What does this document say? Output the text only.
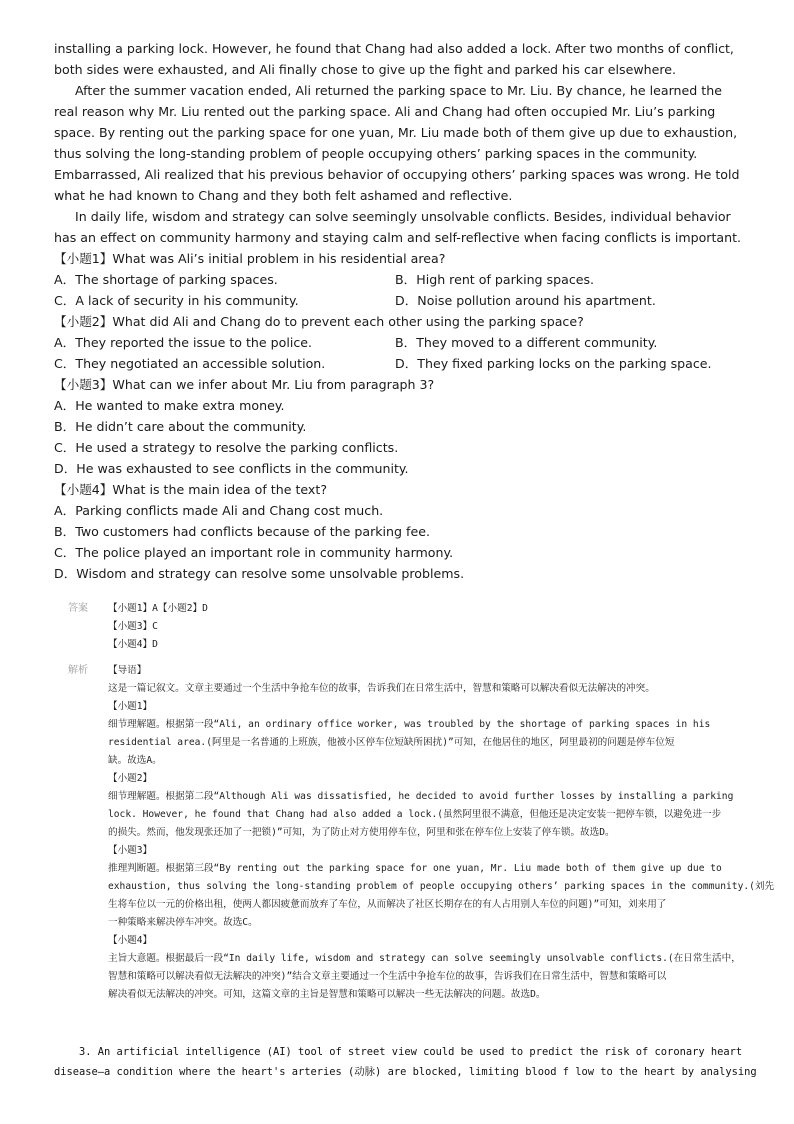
installing a parking lock. However, he found that Chang had also added a lock. After two months of conflict, both sides were exhausted, and Ali finally chose to give up the fight and parked his car elsewhere.

After the summer vacation ended, Ali returned the parking space to Mr. Liu. By chance, he learned the real reason why Mr. Liu rented out the parking space. Ali and Chang had often occupied Mr. Liu’s parking space. By renting out the parking space for one yuan, Mr. Liu made both of them give up due to exhaustion, thus solving the long-standing problem of people occupying others’ parking spaces in the community. Embarrassed, Ali realized that his previous behavior of occupying others’ parking spaces was wrong. He told what he had known to Chang and they both felt ashamed and reflective.

In daily life, wisdom and strategy can solve seemingly unsolvable conflicts. Besides, individual behavior has an effect on community harmony and staying calm and self-reflective when facing conflicts is important.

【小题1】What was Ali’s initial problem in his residential area?
A．The shortage of parking spaces.	B．High rent of parking spaces.
C．A lack of security in his community.	D．Noise pollution around his apartment.
【小题2】What did Ali and Chang do to prevent each other using the parking space?
A．They reported the issue to the police.	B．They moved to a different community.
C．They negotiated an accessible solution.	D．They fixed parking locks on the parking space.
【小题3】What can we infer about Mr. Liu from paragraph 3?
A．He wanted to make extra money.
B．He didn’t care about the community.
C．He used a strategy to resolve the parking conflicts.
D．He was exhausted to see conflicts in the community.
【小题4】What is the main idea of the text?
A．Parking conflicts made Ali and Chang cost much.
B．Two customers had conflicts because of the parking fee.
C．The police played an important role in community harmony.
D．Wisdom and strategy can resolve some unsolvable problems.
答案 【小题1】A【小题2】D
【小题3】C
【小题4】D
解析 【导语】
这是一篇记叙文。文章主要通过一个生活中争抢车位的故事，告诉我们在日常生活中，智慧和策略可以解决看似无法解决的冲突。
【小题1】
细节理解题。根据第一段“Ali, an ordinary office worker, was troubled by the shortage of parking spaces in his
residential area.(阿里是一名普通的上班族，他被小区停车位短缺所困扰)”可知，在他居住的地区，阿里最初的问题是停车位短
缺。故选A。
【小题2】
细节理解题。根据第二段“Although Ali was dissatisfied, he decided to avoid further losses by installing a parking
lock. However, he found that Chang had also added a lock.(虽然阿里很不满意，但他还是决定安装一把停车锁，以避免进一步
的损失。然而，他发现张还加了一把锁)”可知，为了防止对方使用停车位，阿里和张在停车位上安装了停车锁。故选D。
【小题3】
推理判断题。根据第三段“By renting out the parking space for one yuan, Mr. Liu made both of them give up due to
exhaustion, thus solving the long-standing problem of people occupying others’ parking spaces in the community.(刘先
生将车位以一元的价格出租，使两人都因疲惫而放弃了车位，从而解决了社区长期存在的有人占用别人车位的问题)”可知，刘来用了
一种策略来解决停车冲突。故选C。
【小题4】
主旨大意题。根据最后一段“In daily life, wisdom and strategy can solve seemingly unsolvable conflicts.(在日常生活中，
智慧和策略可以解决看似无法解决的冲突)”结合文章主要通过一个生活中争抢车位的故事，告诉我们在日常生活中，智慧和策略可以
解决看似无法解决的冲突。可知，这篇文章的主旨是智慧和策略可以解决一些无法解决的问题。故选D。
3. An artificial intelligence (AI) tool of street view could be used to predict the risk of coronary heart
disease—a condition where the heart's arteries (动脉) are blocked, limiting blood f low to the heart by analysing
